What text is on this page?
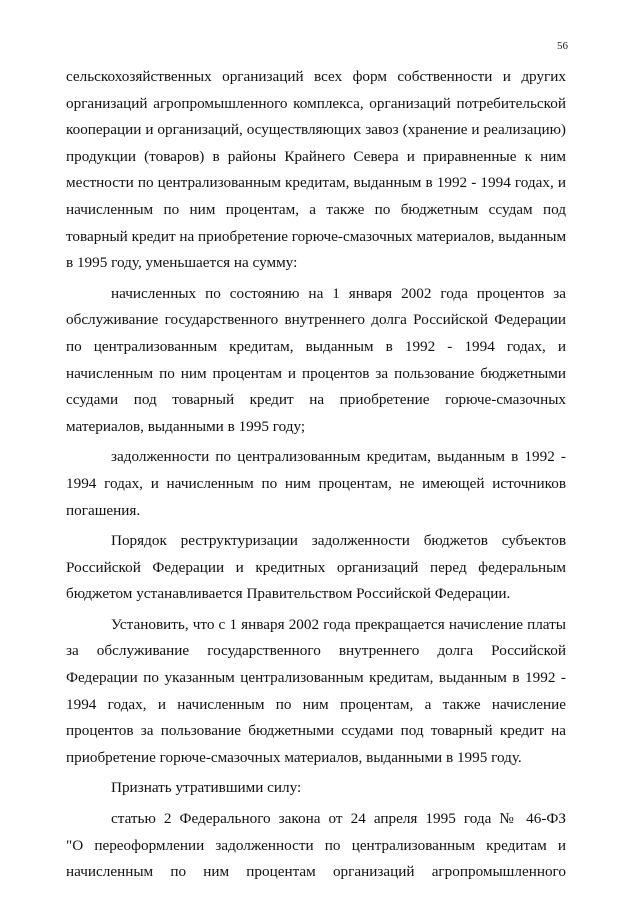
56
сельскохозяйственных организаций всех форм собственности и других
организаций агропромышленного комплекса, организаций потребительской
кооперации и организаций, осуществляющих завоз (хранение и реализацию)
продукции (товаров) в районы Крайнего Севера и приравненные к ним
местности по централизованным кредитам, выданным в 1992 - 1994 годах, и
начисленным по ним процентам, а также по бюджетным ссудам под
товарный кредит на приобретение горюче-смазочных материалов, выданным
в 1995 году, уменьшается на сумму:
начисленных по состоянию на 1 января 2002 года процентов за
обслуживание государственного внутреннего долга Российской Федерации
по централизованным кредитам, выданным в 1992 - 1994 годах, и
начисленным по ним процентам и процентов за пользование бюджетными
ссудами под товарный кредит на приобретение горюче-смазочных
материалов, выданными в 1995 году;
задолженности по централизованным кредитам, выданным в 1992 -
1994 годах, и начисленным по ним процентам, не имеющей источников
погашения.
Порядок реструктуризации задолженности бюджетов субъектов
Российской Федерации и кредитных организаций перед федеральным
бюджетом устанавливается Правительством Российской Федерации.
Установить, что с 1 января 2002 года прекращается начисление платы
за обслуживание государственного внутреннего долга Российской
Федерации по указанным централизованным кредитам, выданным в 1992 -
1994 годах, и начисленным по ним процентам, а также начисление
процентов за пользование бюджетными ссудами под товарный кредит на
приобретение горюче-смазочных материалов, выданными в 1995 году.
Признать утратившими силу:
статью 2 Федерального закона от 24 апреля 1995 года № 46-ФЗ
"О переоформлении задолженности по централизованным кредитам и
начисленным по ним процентам организаций агропромышленного
